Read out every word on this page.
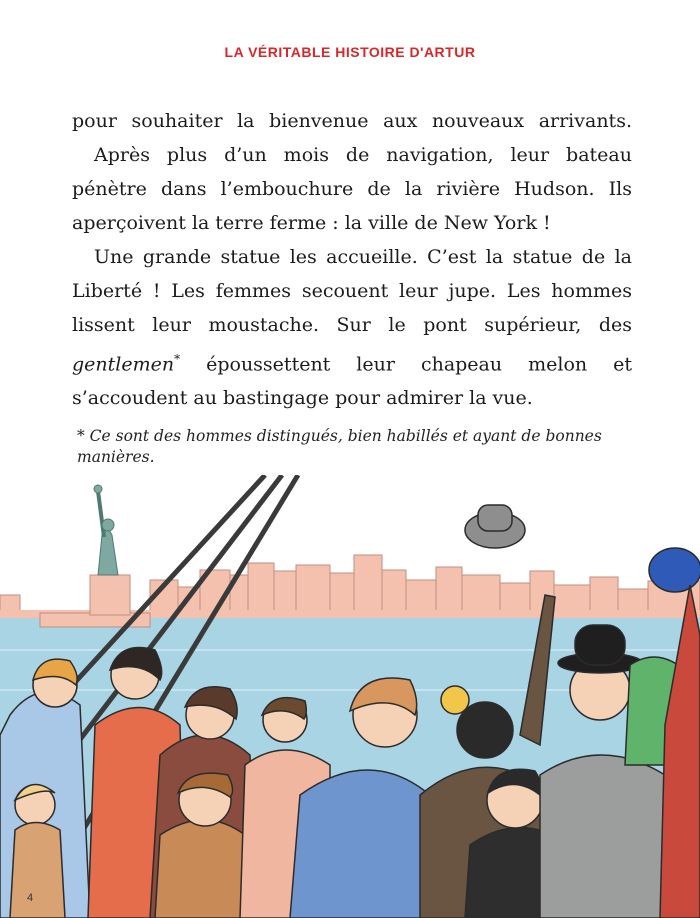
LA VÉRITABLE HISTOIRE D'ARTUR

pour souhaiter la bienvenue aux nouveaux arrivants.

Après plus d’un mois de navigation, leur bateau pénètre dans l’embouchure de la rivière Hudson. Ils aperçoivent la terre ferme : la ville de New York !

Une grande statue les accueille. C’est la statue de la Liberté ! Les femmes secouent leur jupe. Les hommes lissent leur moustache. Sur le pont supérieur, des gentlemen* époussettent leur chapeau melon et s’accoudent au bastingage pour admirer la vue.

* Ce sont des hommes distingués, bien habillés et ayant de bonnes manières.
4
